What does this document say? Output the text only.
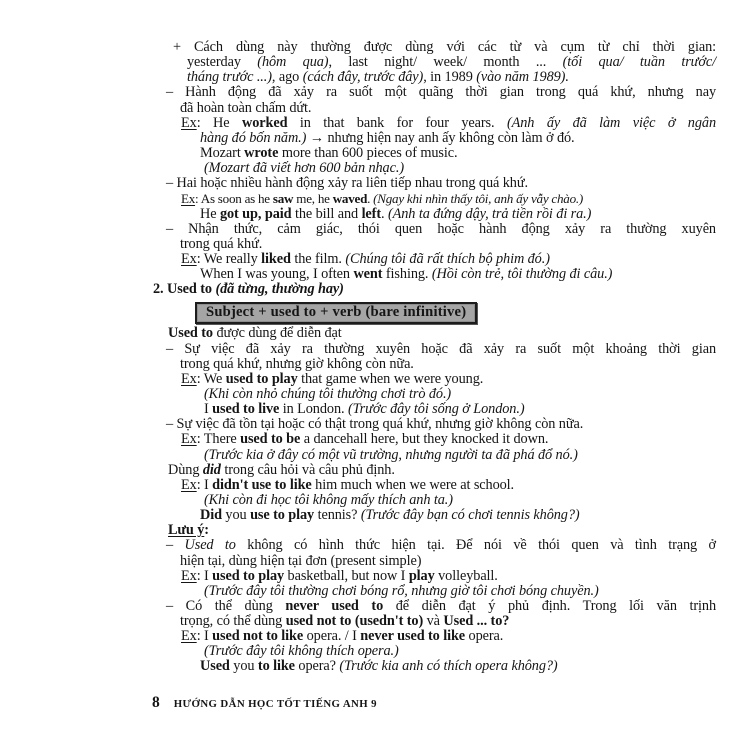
+ Cách dùng này thường được dùng với các từ và cụm từ chỉ thời gian:
yesterday (hôm qua), last night/ week/ month ... (tối qua/ tuần trước/
tháng trước ...), ago (cách đây, trước đây), in 1989 (vào năm 1989).
– Hành động đã xảy ra suốt một quãng thời gian trong quá khứ, nhưng nay
đã hoàn toàn chấm dứt.
Ex: He worked in that bank for four years. (Anh ấy đã làm việc ở ngân
hàng đó bốn năm.) → nhưng hiện nay anh ấy không còn làm ở đó.
Mozart wrote more than 600 pieces of music.
(Mozart đã viết hơn 600 bản nhạc.)
– Hai hoặc nhiều hành động xảy ra liên tiếp nhau trong quá khứ.
Ex: As soon as he saw me, he waved. (Ngay khi nhìn thấy tôi, anh ấy vẫy chào.)
He got up, paid the bill and left. (Anh ta đứng dậy, trả tiền rồi đi ra.)
– Nhận thức, cảm giác, thói quen hoặc hành động xảy ra thường xuyên
trong quá khứ.
Ex: We really liked the film. (Chúng tôi đã rất thích bộ phim đó.)
When I was young, I often went fishing. (Hồi còn trẻ, tôi thường đi câu.)
2. Used to (đã từng, thường hay)
Subject + used to + verb (bare infinitive)
Used to được dùng để diễn đạt
– Sự việc đã xảy ra thường xuyên hoặc đã xảy ra suốt một khoảng thời gian
trong quá khứ, nhưng giờ không còn nữa.
Ex: We used to play that game when we were young.
(Khi còn nhỏ chúng tôi thường chơi trò đó.)
I used to live in London. (Trước đây tôi sống ở London.)
– Sự việc đã tồn tại hoặc có thật trong quá khứ, nhưng giờ không còn nữa.
Ex: There used to be a dancehall here, but they knocked it down.
(Trước kia ở đây có một vũ trường, nhưng người ta đã phá đổ nó.)
Dùng did trong câu hỏi và câu phủ định.
Ex: I didn't use to like him much when we were at school.
(Khi còn đi học tôi không mấy thích anh ta.)
Did you use to play tennis? (Trước đây bạn có chơi tennis không?)
Lưu ý:
– Used to không có hình thức hiện tại. Để nói về thói quen và tình trạng ở
hiện tại, dùng hiện tại đơn (present simple)
Ex: I used to play basketball, but now I play volleyball.
(Trước đây tôi thường chơi bóng rổ, nhưng giờ tôi chơi bóng chuyền.)
– Có thể dùng never used to để diễn đạt ý phủ định. Trong lối văn trịnh
trọng, có thể dùng used not to (usedn't to) và Used ... to?
Ex: I used not to like opera. / I never used to like opera.
(Trước đây tôi không thích opera.)
Used you to like opera? (Trước kia anh có thích opera không?)
8 HƯỚNG DẪN HỌC TỐT TIẾNG ANH 9
